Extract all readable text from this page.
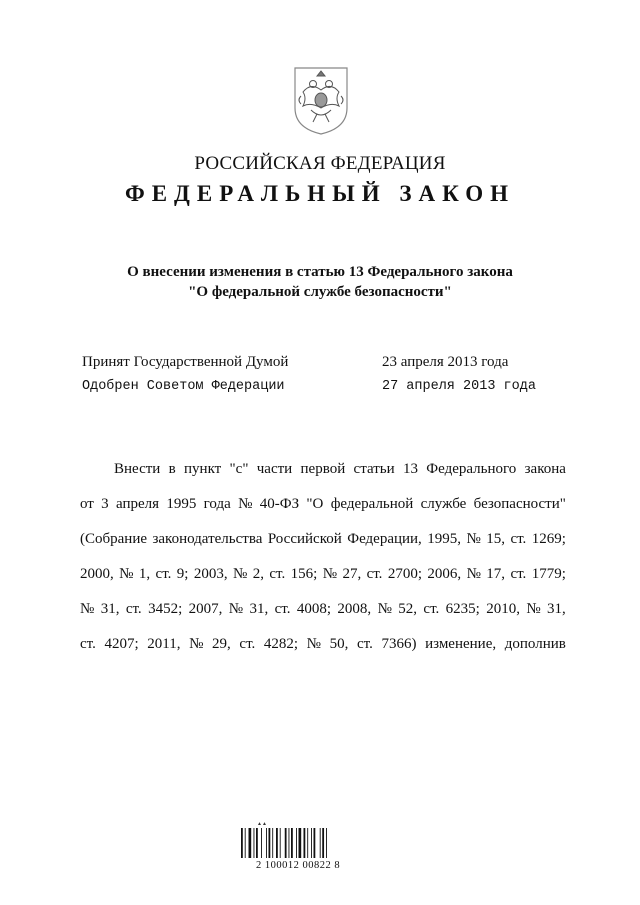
РОССИЙСКАЯ ФЕДЕРАЦИЯ
ФЕДЕРАЛЬНЫЙ ЗАКОН
О внесении изменения в статью 13 Федерального закона
"О федеральной службе безопасности"
Принят Государственной Думой	23 апреля 2013 года
Одобрен Советом Федерации	27 апреля 2013 года
Внести в пункт "с" части первой статьи 13 Федерального закона
от 3 апреля 1995 года № 40-ФЗ "О федеральной службе безопасности"
(Собрание законодательства Российской Федерации, 1995, № 15, ст. 1269;
2000, № 1, ст. 9; 2003, № 2, ст. 156; № 27, ст. 2700; 2006, № 17, ст. 1779;
№ 31, ст. 3452; 2007, № 31, ст. 4008; 2008, № 52, ст. 6235; 2010, № 31,
ст. 4207; 2011, № 29, ст. 4282; № 50, ст. 7366) изменение, дополнив
▲▲
2 100012 00822 8
